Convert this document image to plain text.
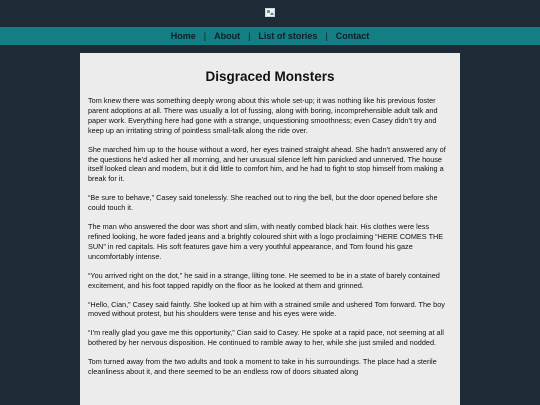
Home | About | List of stories | Contact
Disgraced Monsters

Tom knew there was something deeply wrong about this whole set-up; it was nothing like his previous foster parent adoptions at all. There was usually a lot of fussing, along with boring, incomprehensible adult talk and paper work. Everything here had gone with a strange, unquestioning smoothness; even Casey didn’t try and keep up an irritating string of pointless small-talk along the ride over.

She marched him up to the house without a word, her eyes trained straight ahead. She hadn’t answered any of the questions he’d asked her all morning, and her unusual silence left him panicked and unnerved. The house itself looked clean and modern, but it did little to comfort him, and he had to fight to stop himself from making a break for it.

“Be sure to behave,” Casey said tonelessly. She reached out to ring the bell, but the door opened before she could touch it.

The man who answered the door was short and slim, with neatly combed black hair. His clothes were less refined looking, he wore faded jeans and a brightly coloured shirt with a logo proclaiming “HERE COMES THE SUN” in red capitals. His soft features gave him a very youthful appearance, and Tom found his gaze uncomfortably intense.

“You arrived right on the dot,” he said in a strange, lilting tone. He seemed to be in a state of barely contained excitement, and his foot tapped rapidly on the floor as he looked at them and grinned.

“Hello, Cian,” Casey said faintly. She looked up at him with a strained smile and ushered Tom forward. The boy moved without protest, but his shoulders were tense and his eyes were wide.

“I’m really glad you gave me this opportunity,” Cian said to Casey. He spoke at a rapid pace, not seeming at all bothered by her nervous disposition. He continued to ramble away to her, while she just smiled and nodded.

Tom turned away from the two adults and took a moment to take in his surroundings. The place had a sterile cleanliness about it, and there seemed to be an endless row of doors situated along
